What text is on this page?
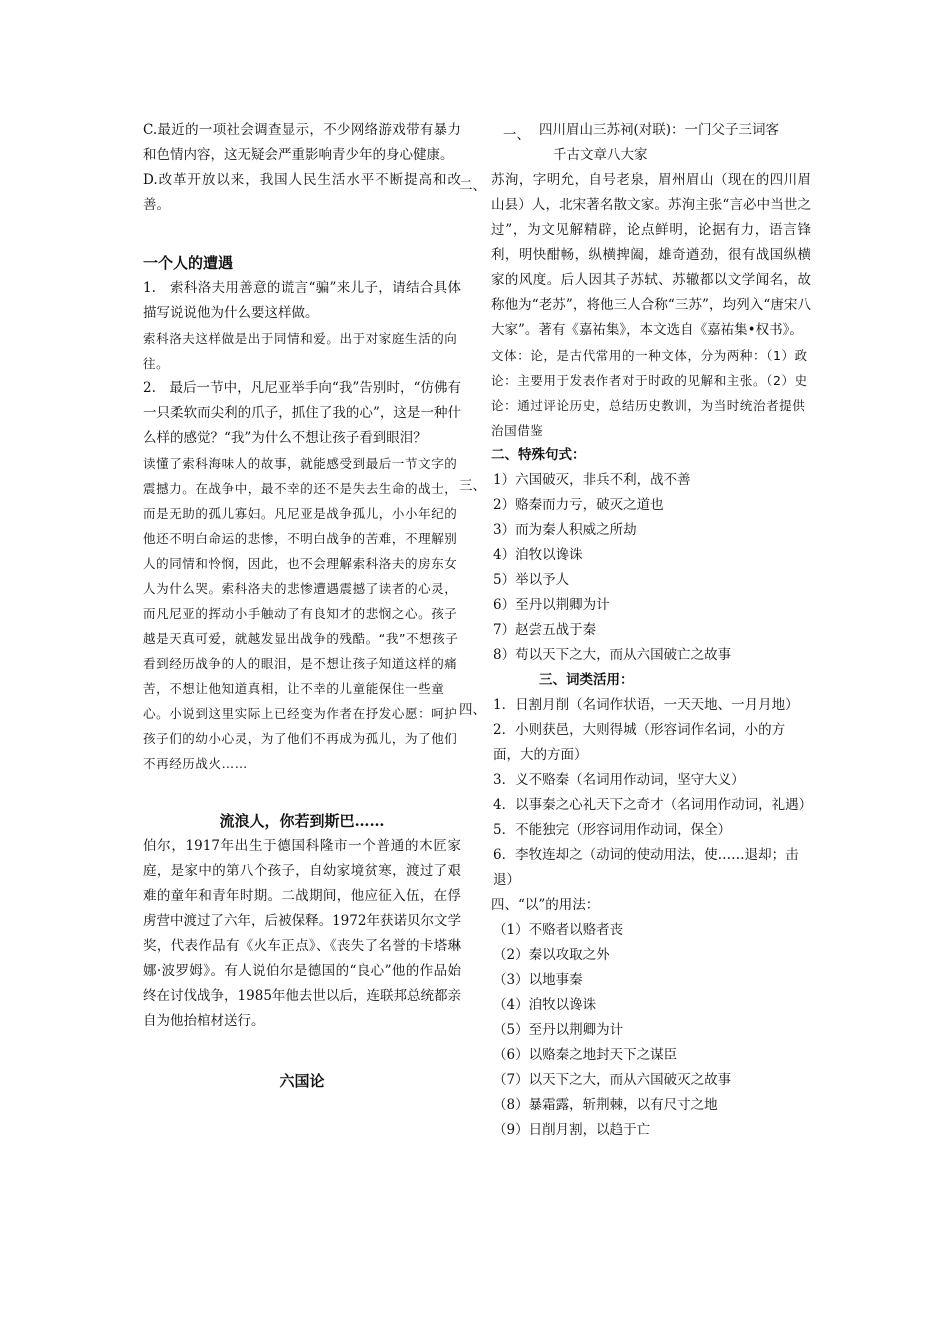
C.最近的一项社会调查显示，不少网络游戏带有暴力和色情内容，这无疑会严重影响青少年的身心健康。

D.改革开放以来，我国人民生活水平不断提高和改善。

一个人的遭遇

1.　索科洛夫用善意的谎言“骗”来儿子，请结合具体描写说说他为什么要这样做。

索科洛夫这样做是出于同情和爱。出于对家庭生活的向往。

2.　最后一节中，凡尼亚举手向“我”告别时，“仿佛有一只柔软而尖利的爪子，抓住了我的心”，这是一种什么样的感觉？“我”为什么不想让孩子看到眼泪？

读懂了索科海味人的故事，就能感受到最后一节文字的震撼力。在战争中，最不幸的还不是失去生命的战士，而是无助的孤儿寡妇。凡尼亚是战争孤儿，小小年纪的他还不明白命运的悲惨，不明白战争的苦难，不理解别人的同情和怜悯，因此，也不会理解索科洛夫的房东女人为什么哭。索科洛夫的悲惨遭遇震撼了读者的心灵，而凡尼亚的挥动小手触动了有良知才的悲悯之心。孩子越是天真可爱，就越发显出战争的残酷。“我”不想孩子看到经历战争的人的眼泪，是不想让孩子知道这样的痛苦，不想让他知道真相，让不幸的儿童能保住一些童心。小说到这里实际上已经变为作者在抒发心愿：呵护孩子们的幼小心灵，为了他们不再成为孤儿，为了他们不再经历战火……

流浪人，你若到斯巴……

伯尔，1917年出生于德国科隆市一个普通的木匠家庭，是家中的第八个孩子，自幼家境贫寒，渡过了艰难的童年和青年时期。二战期间，他应征入伍，在俘虏营中渡过了六年，后被保释。1972年获诺贝尔文学奖，代表作品有《火车正点》、《丧失了名誉的卡塔琳娜·波罗姆》。有人说伯尔是德国的“良心”他的作品始终在讨伐战争，1985年他去世以后，连联邦总统都亲自为他抬棺材送行。

六国论

一、
二、
三、
四、

四川眉山三苏祠(对联)：一门父子三词客

千古文章八大家

苏洵，字明允，自号老泉，眉州眉山（现在的四川眉山县）人，北宋著名散文家。苏洵主张“言必中当世之过”，为文见解精辟，论点鲜明，论据有力，语言锋利，明快酣畅，纵横捭阖，雄奇遒劲，很有战国纵横家的风度。后人因其子苏轼、苏辙都以文学闻名，故称他为“老苏”，将他三人合称“三苏”，均列入“唐宋八大家”。著有《嘉祐集》，本文选自《嘉祐集•权书》。

文体：论，是古代常用的一种文体，分为两种：（1）政论：主要用于发表作者对于时政的见解和主张。（2）史论：通过评论历史，总结历史教训，为当时统治者提供治国借鉴

二、特殊句式：

1）六国破灭，非兵不利，战不善
2）赂秦而力亏，破灭之道也
3）而为秦人积威之所劫
4）洎牧以谗诛
5）举以予人
6）至丹以荆卿为计
7）赵尝五战于秦
8）苟以天下之大，而从六国破亡之故事

三、词类活用：

1．日割月削（名词作状语，一天天地、一月月地）
2．小则获邑，大则得城（形容词作名词，小的方面，大的方面）
3．义不赂秦（名词用作动词，坚守大义）
4．以事秦之心礼天下之奇才（名词用作动词，礼遇）
5．不能独完（形容词用作动词，保全）
6．李牧连却之（动词的使动用法，使……退却；击退）

四、“以”的用法：

（1）不赂者以赂者丧
（2）秦以攻取之外
（3）以地事秦
（4）洎牧以谗诛
（5）至丹以荆卿为计
（6）以赂秦之地封天下之谋臣
（7）以天下之大，而从六国破灭之故事
（8）暴霜露，斩荆棘，以有尺寸之地
（9）日削月割，以趋于亡
